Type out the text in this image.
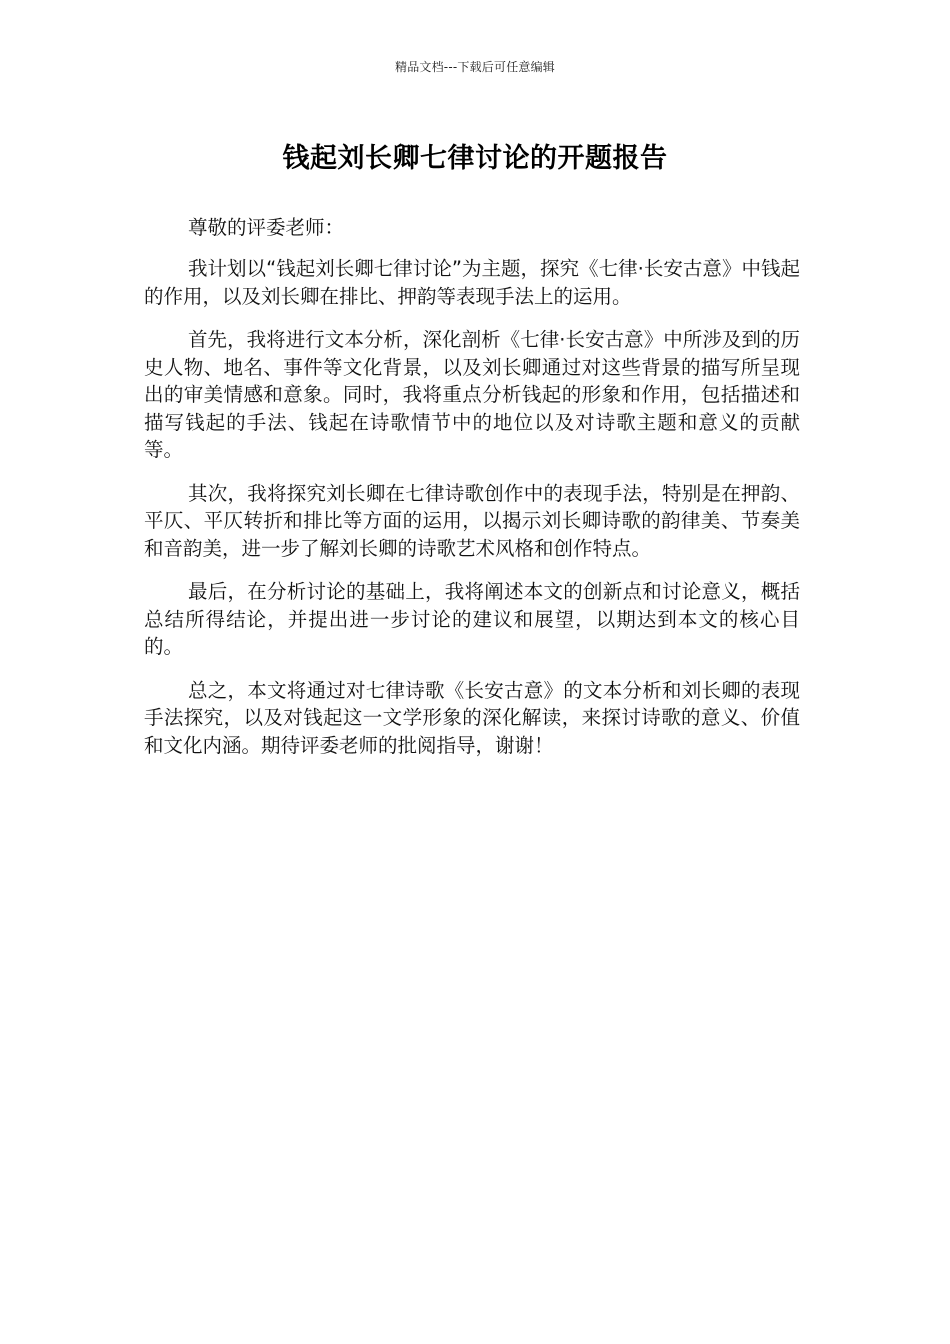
精品文档---下载后可任意编辑
钱起刘长卿七律讨论的开题报告

尊敬的评委老师：

我计划以“钱起刘长卿七律讨论”为主题，探究《七律·长安古意》中钱起的作用，以及刘长卿在排比、押韵等表现手法上的运用。

首先，我将进行文本分析，深化剖析《七律·长安古意》中所涉及到的历史人物、地名、事件等文化背景，以及刘长卿通过对这些背景的描写所呈现出的审美情感和意象。同时，我将重点分析钱起的形象和作用，包括描述和描写钱起的手法、钱起在诗歌情节中的地位以及对诗歌主题和意义的贡献等。

其次，我将探究刘长卿在七律诗歌创作中的表现手法，特别是在押韵、平仄、平仄转折和排比等方面的运用，以揭示刘长卿诗歌的韵律美、节奏美和音韵美，进一步了解刘长卿的诗歌艺术风格和创作特点。

最后，在分析讨论的基础上，我将阐述本文的创新点和讨论意义，概括总结所得结论，并提出进一步讨论的建议和展望，以期达到本文的核心目的。

总之，本文将通过对七律诗歌《长安古意》的文本分析和刘长卿的表现手法探究，以及对钱起这一文学形象的深化解读，来探讨诗歌的意义、价值和文化内涵。期待评委老师的批阅指导，谢谢！
